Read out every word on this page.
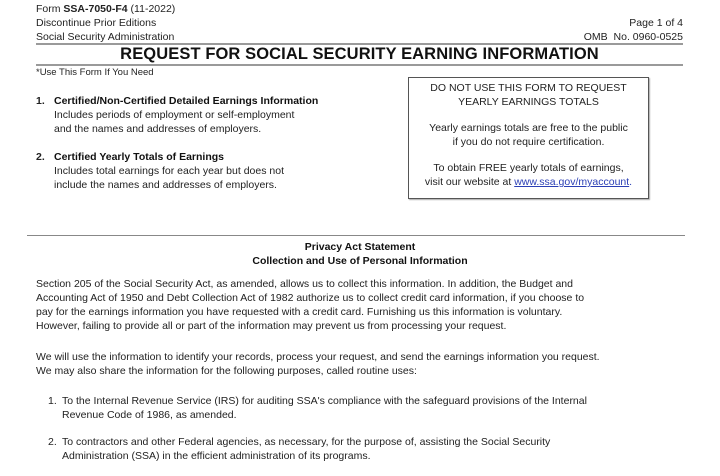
Form SSA-7050-F4 (11-2022)
Discontinue Prior Editions
Social Security Administration
Page 1 of 4
OMB  No. 0960-0525
REQUEST FOR SOCIAL SECURITY EARNING INFORMATION
*Use This Form If You Need
1. Certified/Non-Certified Detailed Earnings Information
Includes periods of employment or self-employment
and the names and addresses of employers.
2. Certified Yearly Totals of Earnings
Includes total earnings for each year but does not
include the names and addresses of employers.

DO NOT USE THIS FORM TO REQUEST
YEARLY EARNINGS TOTALS

Yearly earnings totals are free to the public
if you do not require certification.

To obtain FREE yearly totals of earnings,
visit our website at www.ssa.gov/myaccount.

Privacy Act Statement
Collection and Use of Personal Information
Section 205 of the Social Security Act, as amended, allows us to collect this information. In addition, the Budget and
Accounting Act of 1950 and Debt Collection Act of 1982 authorize us to collect credit card information, if you choose to
pay for the earnings information you have requested with a credit card. Furnishing us this information is voluntary.
However, failing to provide all or part of the information may prevent us from processing your request.
We will use the information to identify your records, process your request, and send the earnings information you request.
We may also share the information for the following purposes, called routine uses:
1. To the Internal Revenue Service (IRS) for auditing SSA's compliance with the safeguard provisions of the Internal
Revenue Code of 1986, as amended.
2. To contractors and other Federal agencies, as necessary, for the purpose of, assisting the Social Security
Administration (SSA) in the efficient administration of its programs.
